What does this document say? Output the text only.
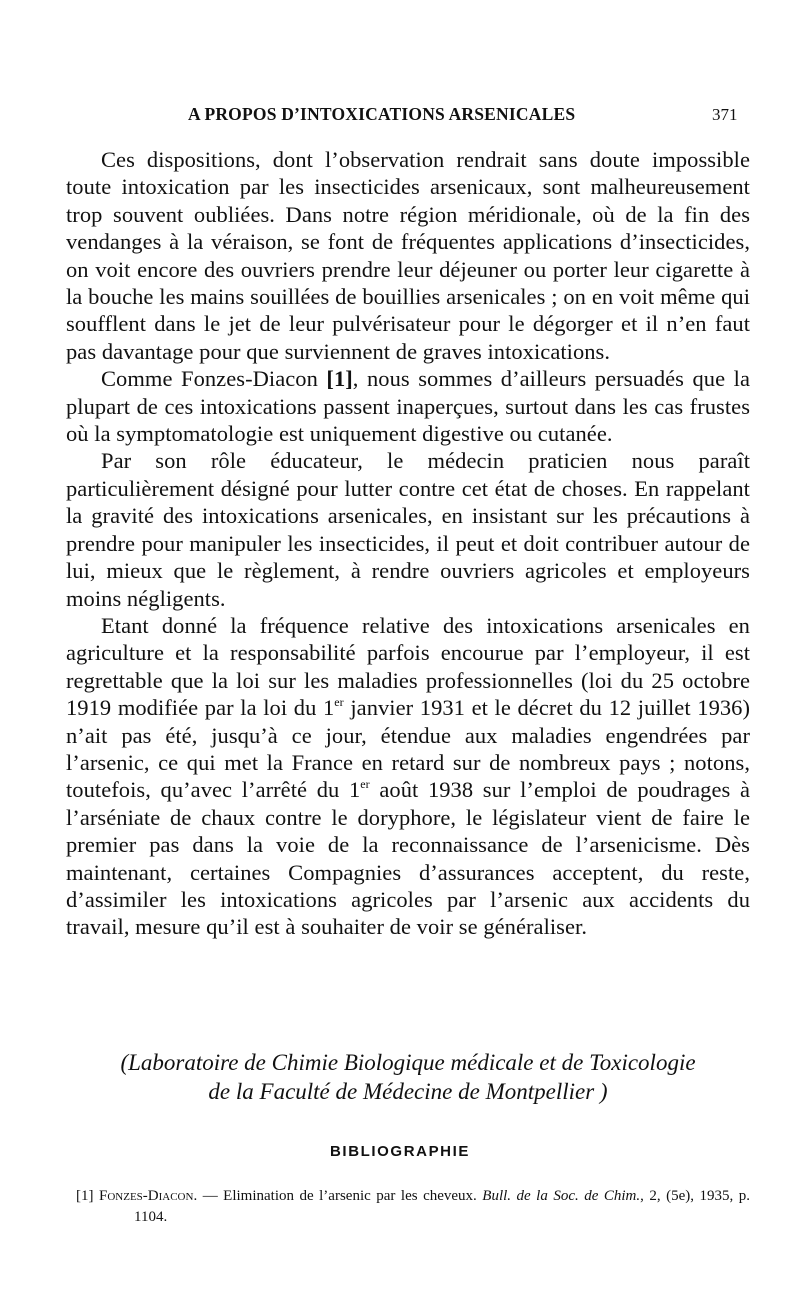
A PROPOS D’INTOXICATIONS ARSENICALES	371

Ces dispositions, dont l’observation rendrait sans doute impossible toute intoxication par les insecticides arsenicaux, sont malheureusement trop souvent oubliées. Dans notre région méridionale, où de la fin des vendanges à la véraison, se font de fréquentes applications d’insecticides, on voit encore des ouvriers prendre leur déjeuner ou porter leur cigarette à la bouche les mains souillées de bouillies arsenicales ; on en voit même qui soufflent dans le jet de leur pulvérisateur pour le dégorger et il n’en faut pas davantage pour que surviennent de graves intoxications.

Comme Fonzes-Diacon [1], nous sommes d’ailleurs persuadés que la plupart de ces intoxications passent inaperçues, surtout dans les cas frustes où la symptomatologie est uniquement digestive ou cutanée.

Par son rôle éducateur, le médecin praticien nous paraît particulièrement désigné pour lutter contre cet état de choses. En rappelant la gravité des intoxications arsenicales, en insistant sur les précautions à prendre pour manipuler les insecticides, il peut et doit contribuer autour de lui, mieux que le règlement, à rendre ouvriers agricoles et employeurs moins négligents.

Etant donné la fréquence relative des intoxications arsenicales en agriculture et la responsabilité parfois encourue par l’employeur, il est regrettable que la loi sur les maladies professionnelles (loi du 25 octobre 1919 modifiée par la loi du 1er janvier 1931 et le décret du 12 juillet 1936) n’ait pas été, jusqu’à ce jour, étendue aux maladies engendrées par l’arsenic, ce qui met la France en retard sur de nombreux pays ; notons, toutefois, qu’avec l’arrêté du 1er août 1938 sur l’emploi de poudrages à l’arséniate de chaux contre le doryphore, le législateur vient de faire le premier pas dans la voie de la reconnaissance de l’arsenicisme. Dès maintenant, certaines Compagnies d’assurances acceptent, du reste, d’assimiler les intoxications agricoles par l’arsenic aux accidents du travail, mesure qu’il est à souhaiter de voir se généraliser.

(Laboratoire de Chimie Biologique médicale et de Toxicologie
de la Faculté de Médecine de Montpellier )
BIBLIOGRAPHIE
[1] Fonzes-Diacon. — Elimination de l’arsenic par les cheveux. Bull. de la Soc. de Chim., 2, (5e), 1935, p. 1104.
